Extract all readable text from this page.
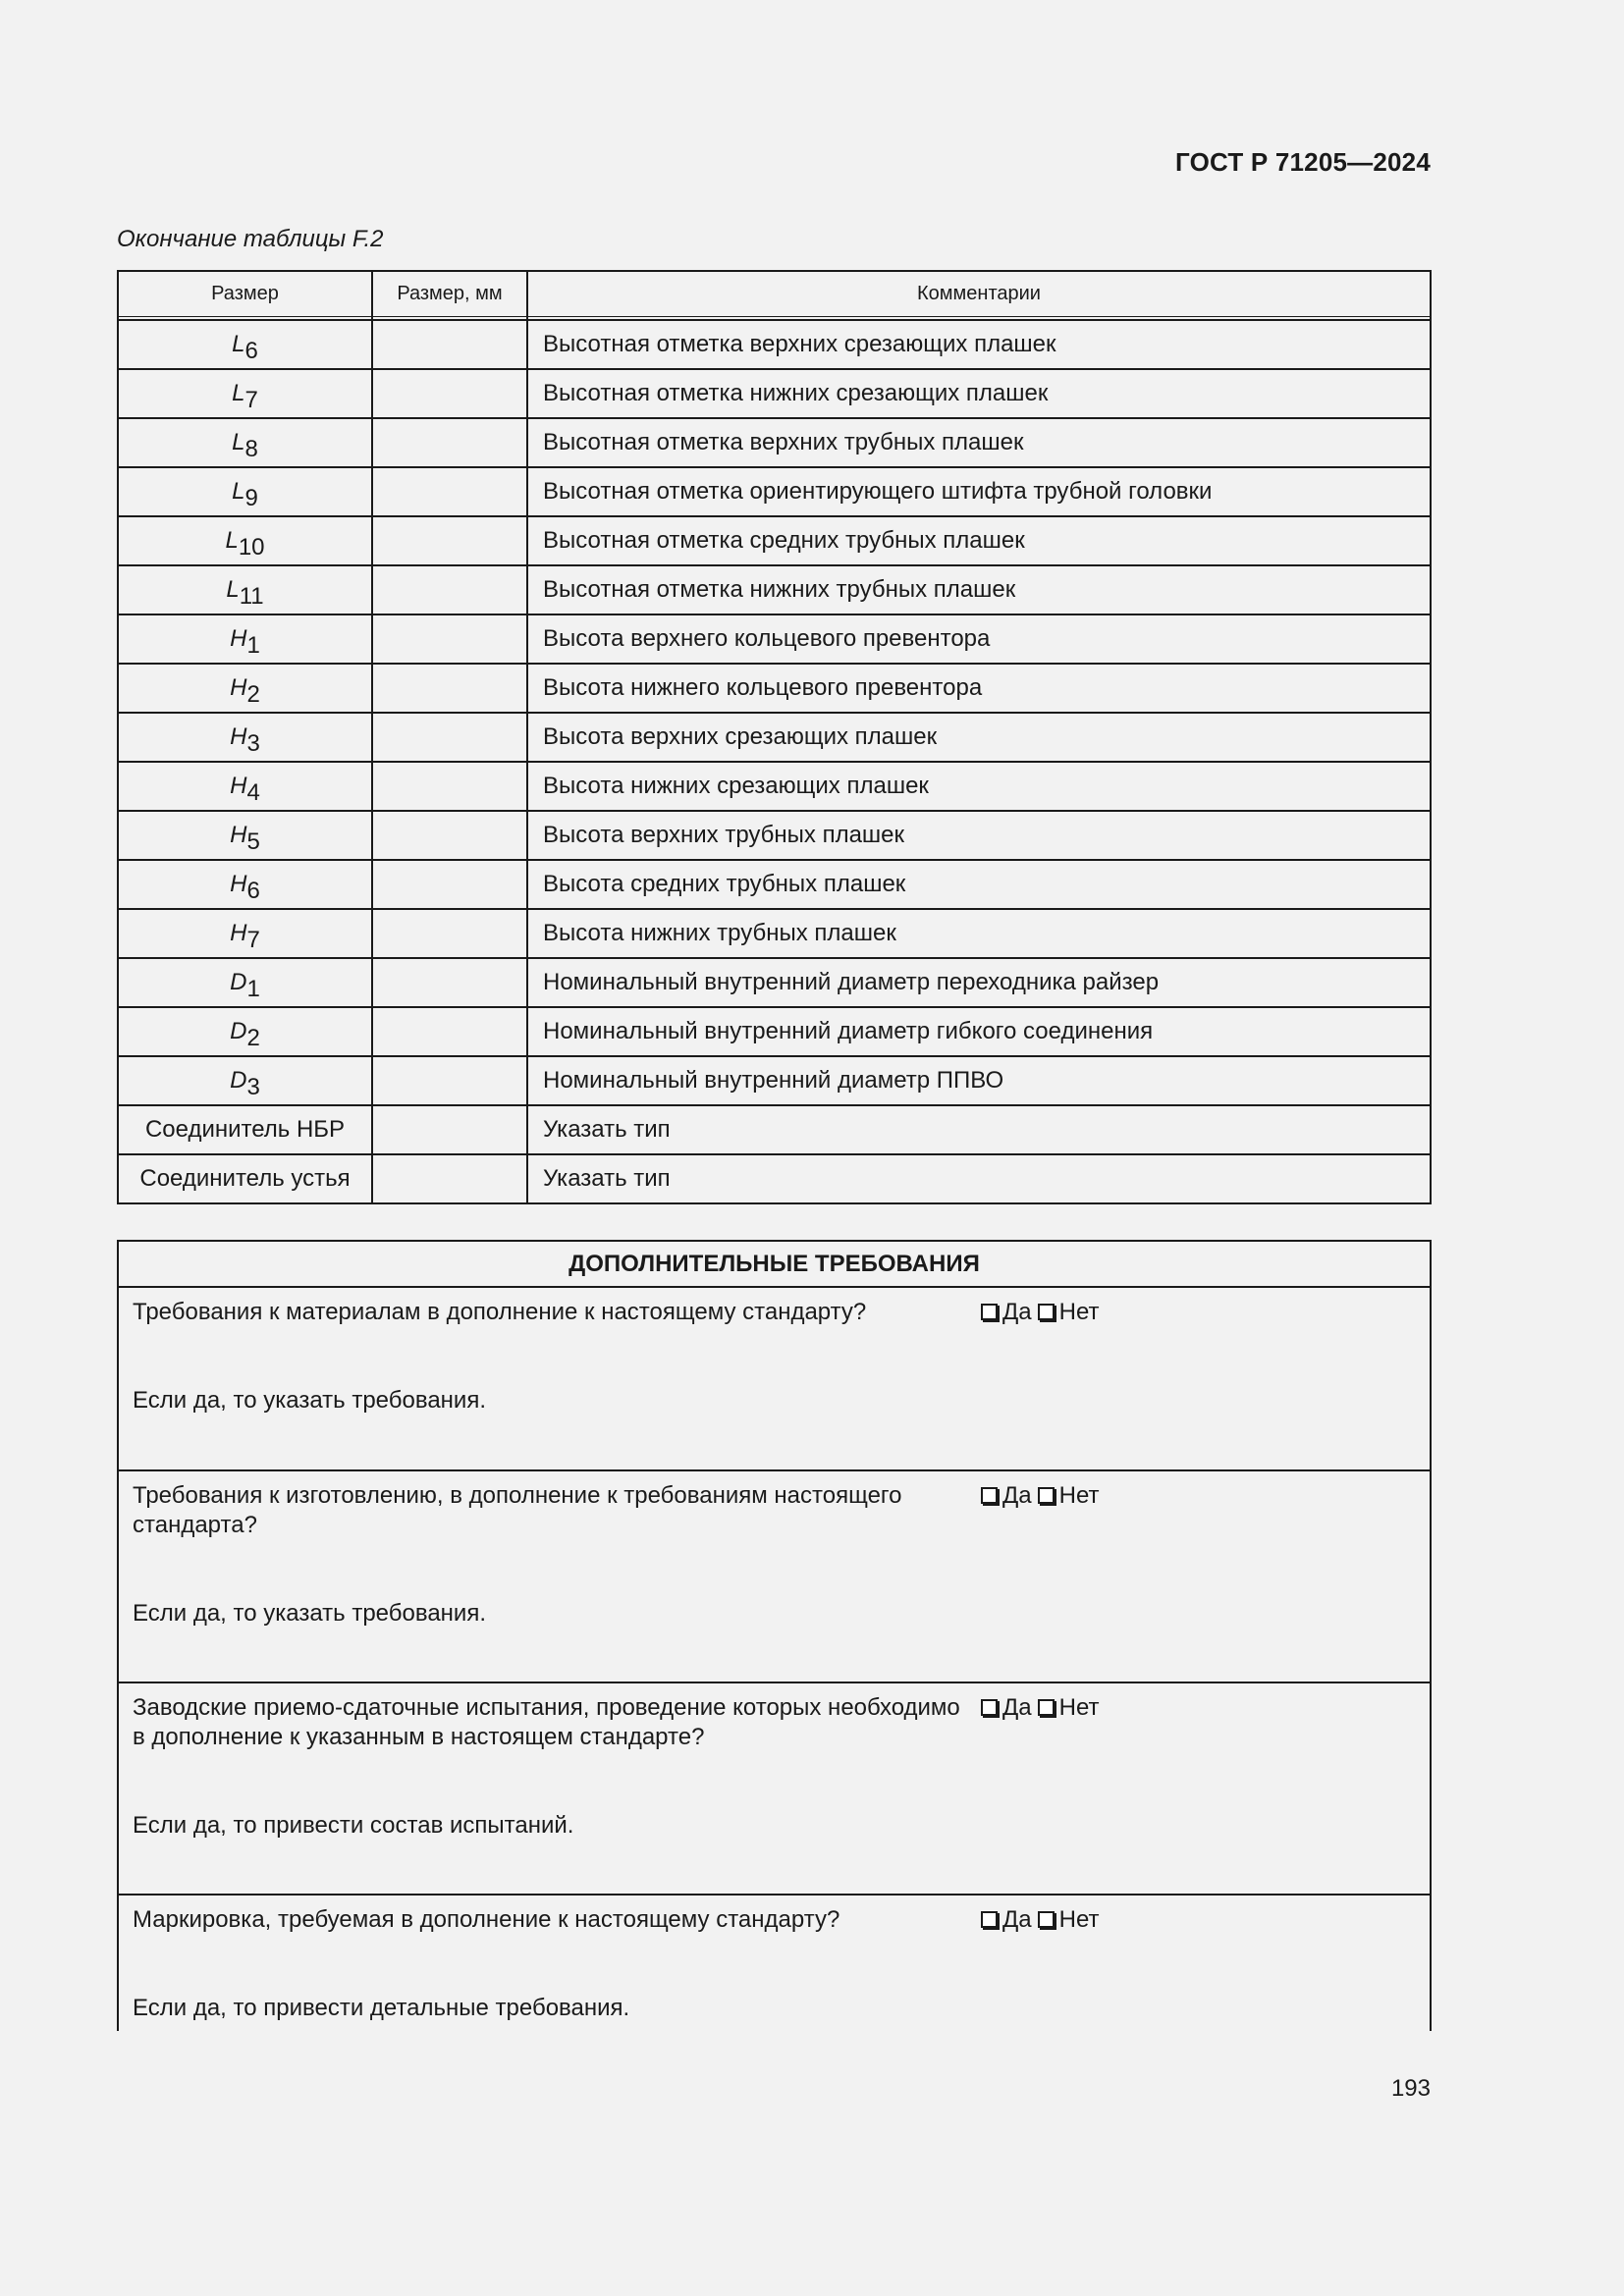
ГОСТ Р 71205—2024
Окончание таблицы F.2
Размер	Размер, мм	Комментарии

L6		Высотная отметка верхних срезающих плашек
L7		Высотная отметка нижних срезающих плашек
L8		Высотная отметка верхних трубных плашек
L9		Высотная отметка ориентирующего штифта трубной головки
L10		Высотная отметка средних трубных плашек
L11		Высотная отметка нижних трубных плашек
H1		Высота верхнего кольцевого превентора
H2		Высота нижнего кольцевого превентора
H3		Высота верхних срезающих плашек
H4		Высота нижних срезающих плашек
H5		Высота верхних трубных плашек
H6		Высота средних трубных плашек
H7		Высота нижних трубных плашек
D1		Номинальный внутренний диаметр переходника райзер
D2		Номинальный внутренний диаметр гибкого соединения
D3		Номинальный внутренний диаметр ППВО
Соединитель НБР		Указать тип
Соединитель устья		Указать тип
ДОПОЛНИТЕЛЬНЫЕ ТРЕБОВАНИЯ
Требования к материалам в дополнение к настоящему стандарту?	Да Нет
Если да, то указать требования.
Требования к изготовлению, в дополнение к требованиям настоящего стандарта?
Да Нет
Если да, то указать требования.
Заводские приемо-сдаточные испытания, проведение которых необходимо в дополнение к указанным в настоящем стандарте?
Да Нет
Если да, то привести состав испытаний.
Маркировка, требуемая в дополнение к настоящему стандарту?	Да Нет
Если да, то привести детальные требования.
193
